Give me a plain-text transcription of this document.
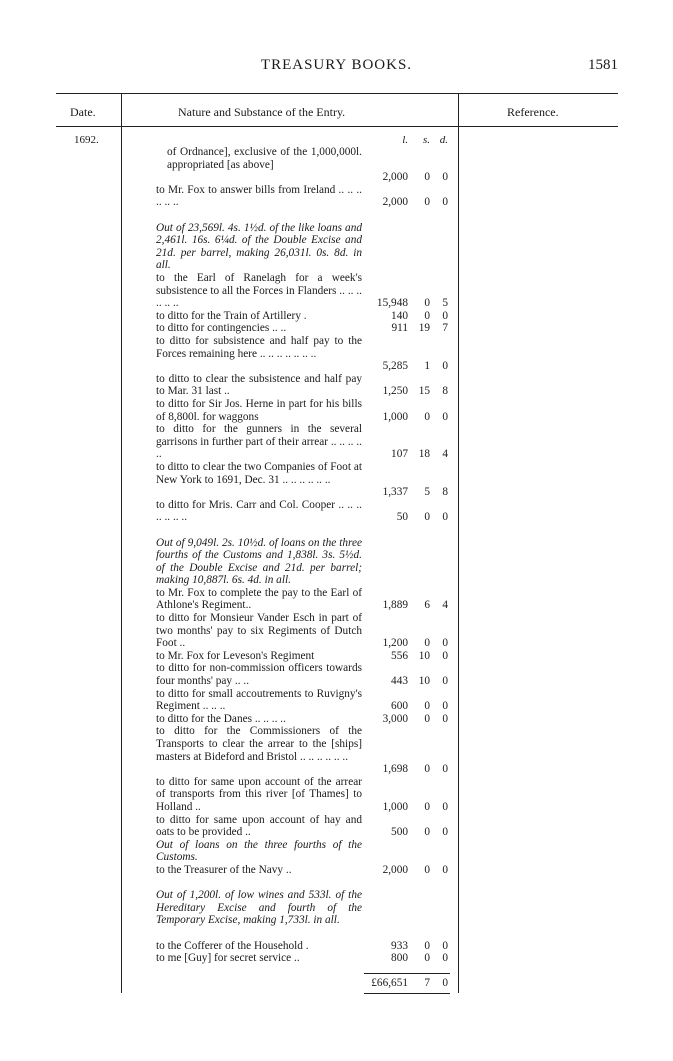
TREASURY BOOKS.	1581
Date.	Nature and Substance of the Entry.	Reference.
1692.	l.	s. d.
of Ordnance], exclusive of the 1,000,000l. appropriated [as above]
2,000	0	0
to Mr. Fox to answer bills from Ireland .. .. .. .. .. ..	2,000	0	0
Out of 23,569l. 4s. 1½d. of the like loans and 2,461l. 16s. 6¼d. of the Double Excise and 21d. per barrel, making 26,031l. 0s. 8d. in all.
to the Earl of Ranelagh for a week's subsistence to all the Forces in Flanders .. .. .. .. .. ..	15,948	0	5
to ditto for the Train of Artillery .	140	0	0
to ditto for contingencies .. ..	911 19	7
to ditto for subsistence and half pay to the Forces remaining here .. .. .. .. .. .. ..
5,285	1	0
to ditto to clear the subsistence and half pay to Mar. 31 last ..	1,250 15	8
to ditto for Sir Jos. Herne in part for his bills of 8,800l. for waggons	1,000	0	0
to ditto for the gunners in the several garrisons in further part of their arrear .. .. .. .. ..	107 18	4
to ditto to clear the two Companies of Foot at New York to 1691, Dec. 31 .. .. .. .. .. ..
1,337	5	8
to ditto for Mris. Carr and Col. Cooper .. .. .. .. .. .. ..	50	0	0
Out of 9,049l. 2s. 10½d. of loans on the three fourths of the Customs and 1,838l. 3s. 5½d. of the Double Excise and 21d. per barrel; making 10,887l. 6s. 4d. in all.
to Mr. Fox to complete the pay to the Earl of Athlone's Regiment..	1,889	6	4
to ditto for Monsieur Vander Esch in part of two months' pay to six Regiments of Dutch Foot ..	1,200	0	0
to Mr. Fox for Leveson's Regiment	556 10	0
to ditto for non-commission officers towards four months' pay .. ..	443 10	0
to ditto for small accoutrements to Ruvigny's Regiment .. .. ..	600	0	0
to ditto for the Danes .. .. .. ..	3,000	0	0
to ditto for the Commissioners of the Transports to clear the arrear to the [ships] masters at Bideford and Bristol .. .. .. .. .. ..
1,698	0	0
to ditto for same upon account of the arrear of transports from this river [of Thames] to Holland ..	1,000	0	0
to ditto for same upon account of hay and oats to be provided ..	500	0	0
Out of loans on the three fourths of the Customs.
to the Treasurer of the Navy ..	2,000	0	0
Out of 1,200l. of low wines and 533l. of the Hereditary Excise and fourth of the Temporary Excise, making 1,733l. in all.
to the Cofferer of the Household .	933	0	0
to me [Guy] for secret service ..	800	0	0
£66,651	7	0
